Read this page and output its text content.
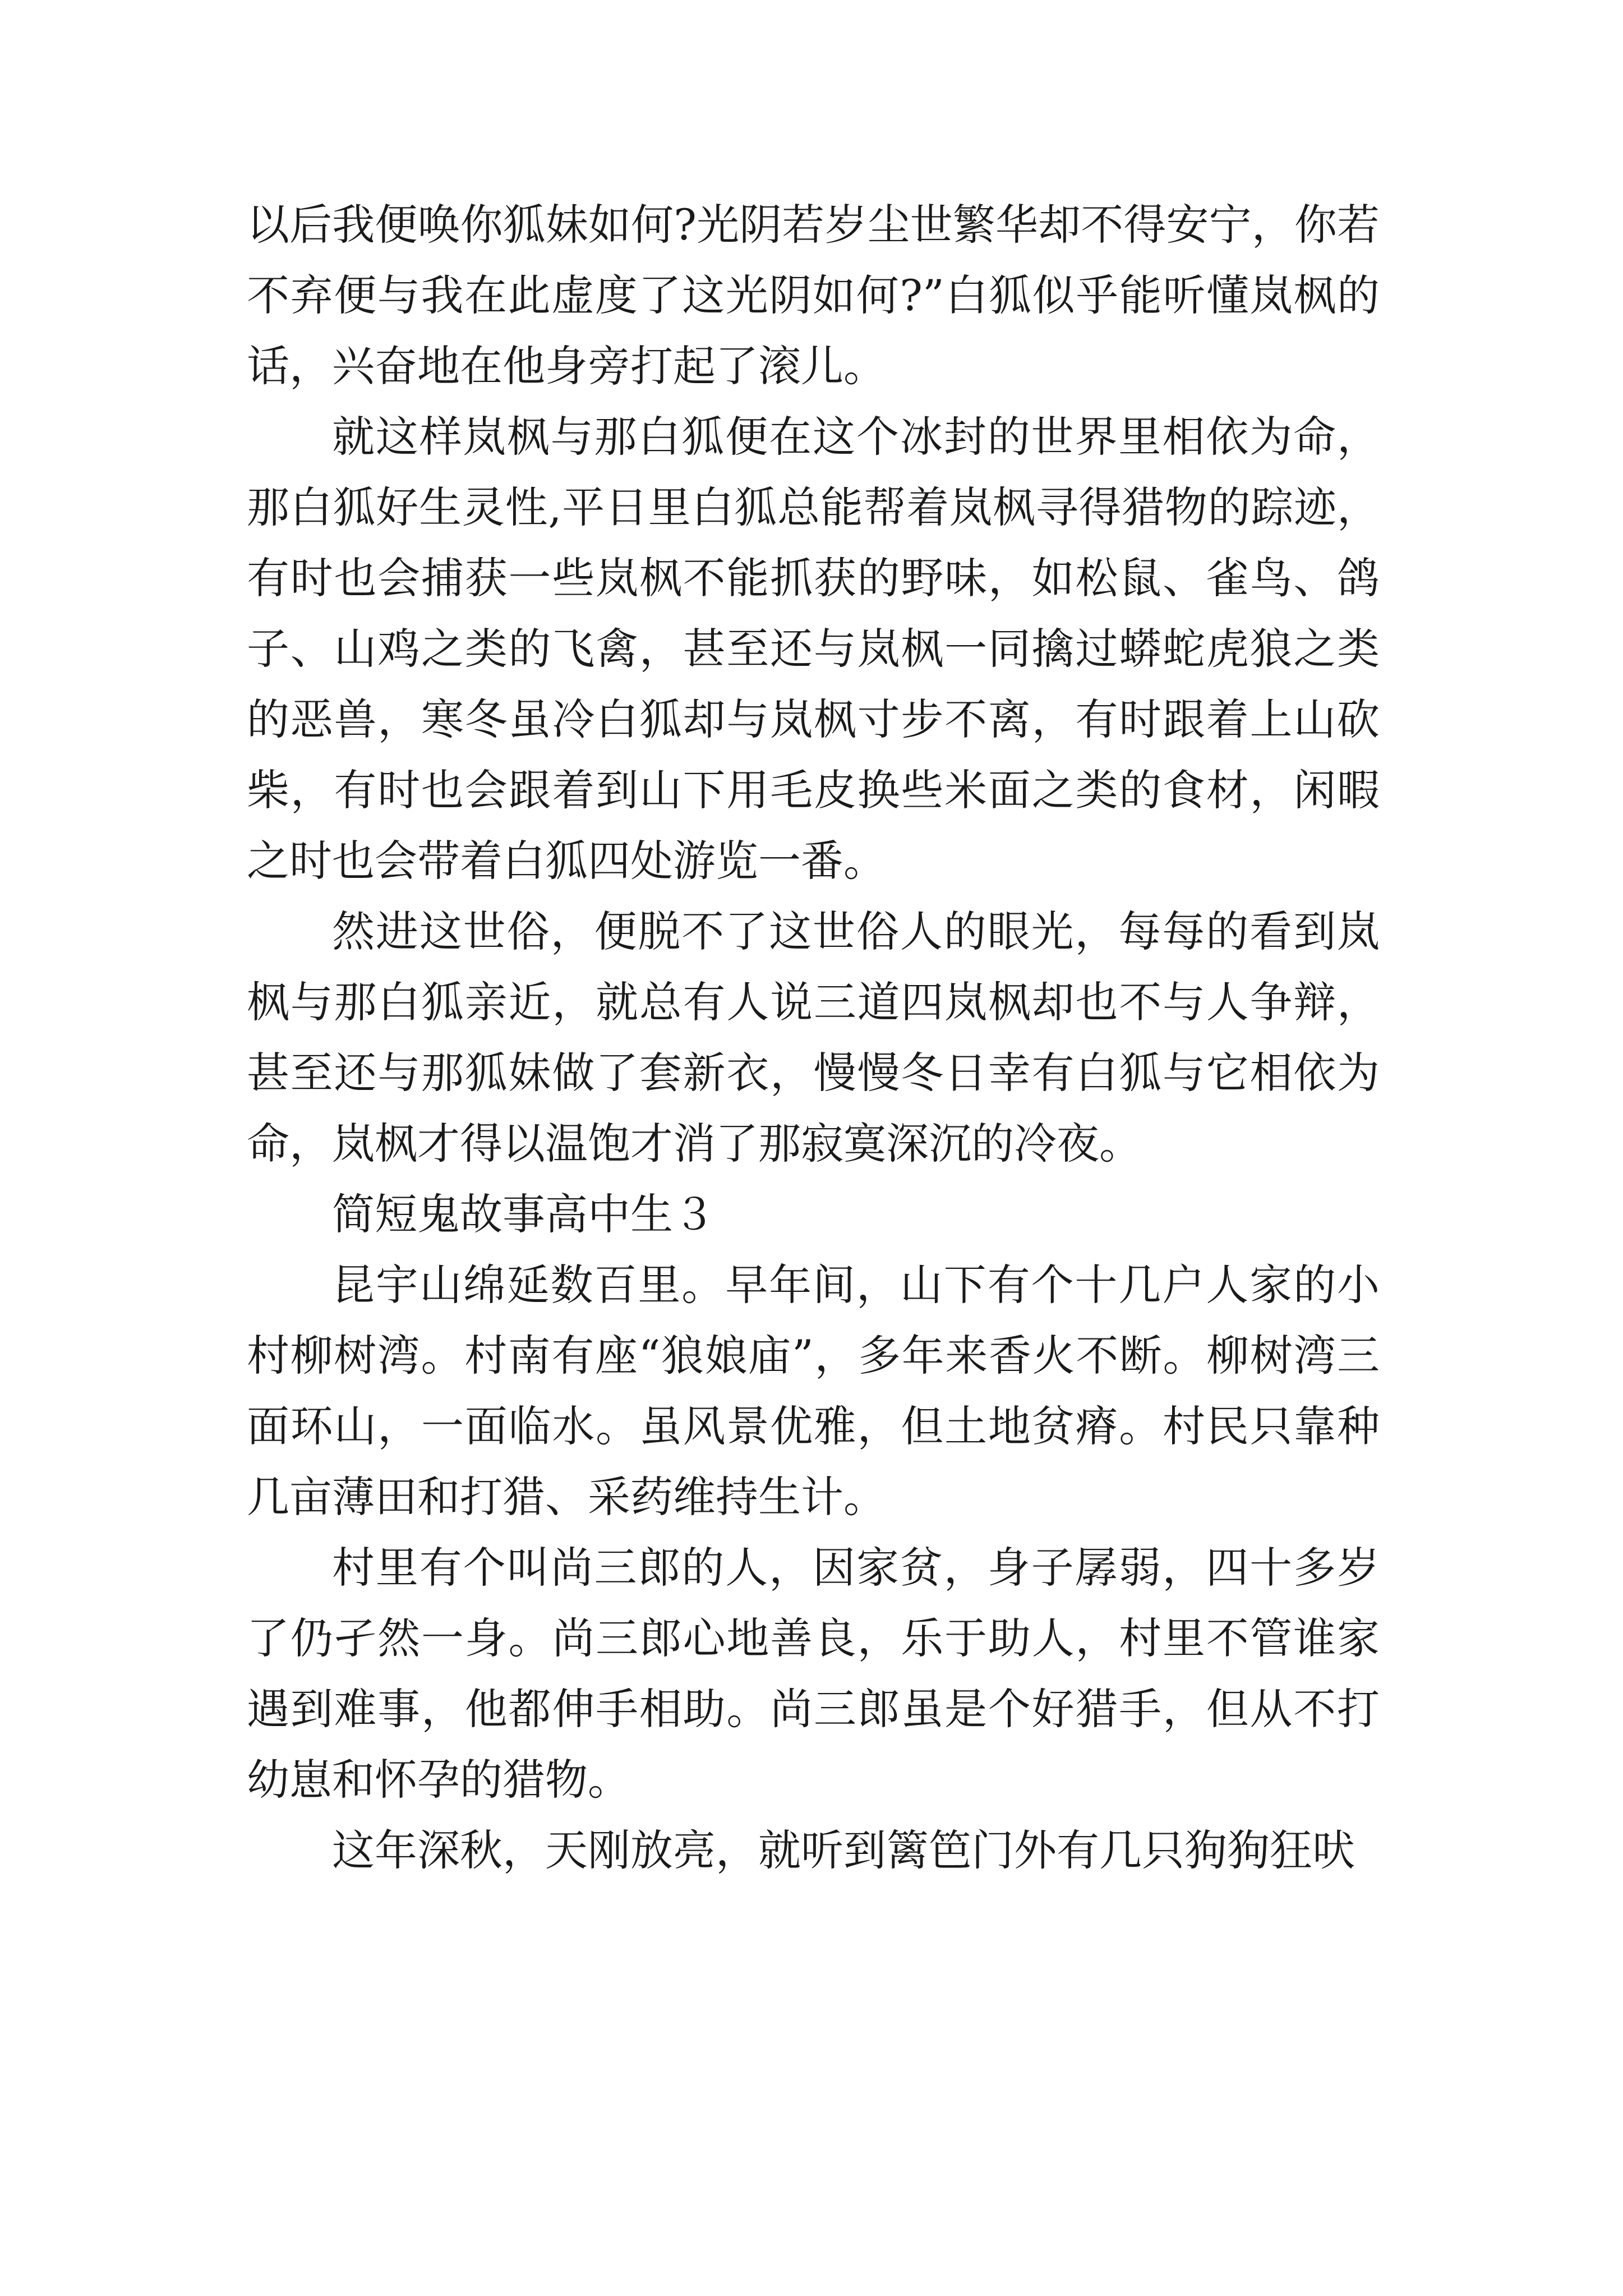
以后我便唤你狐妹如何?光阴若岁尘世繁华却不得安宁，你若不弃便与我在此虚度了这光阴如何?”白狐似乎能听懂岚枫的话，兴奋地在他身旁打起了滚儿。

就这样岚枫与那白狐便在这个冰封的世界里相依为命，那白狐好生灵性,平日里白狐总能帮着岚枫寻得猎物的踪迹，有时也会捕获一些岚枫不能抓获的野味，如松鼠、雀鸟、鸽子、山鸡之类的飞禽，甚至还与岚枫一同擒过蟒蛇虎狼之类的恶兽，寒冬虽冷白狐却与岚枫寸步不离，有时跟着上山砍柴，有时也会跟着到山下用毛皮换些米面之类的食材，闲暇之时也会带着白狐四处游览一番。

然进这世俗，便脱不了这世俗人的眼光，每每的看到岚枫与那白狐亲近，就总有人说三道四岚枫却也不与人争辩，甚至还与那狐妹做了套新衣，慢慢冬日幸有白狐与它相依为命，岚枫才得以温饱才消了那寂寞深沉的冷夜。

简短鬼故事高中生３

昆宇山绵延数百里。早年间，山下有个十几户人家的小村柳树湾。村南有座“狼娘庙”，多年来香火不断。柳树湾三面环山，一面临水。虽风景优雅，但土地贫瘠。村民只靠种几亩薄田和打猎、采药维持生计。

村里有个叫尚三郎的人，因家贫，身子孱弱，四十多岁了仍孑然一身。尚三郎心地善良，乐于助人，村里不管谁家遇到难事，他都伸手相助。尚三郎虽是个好猎手，但从不打幼崽和怀孕的猎物。

这年深秋，天刚放亮，就听到篱笆门外有几只狗狗狂吠
